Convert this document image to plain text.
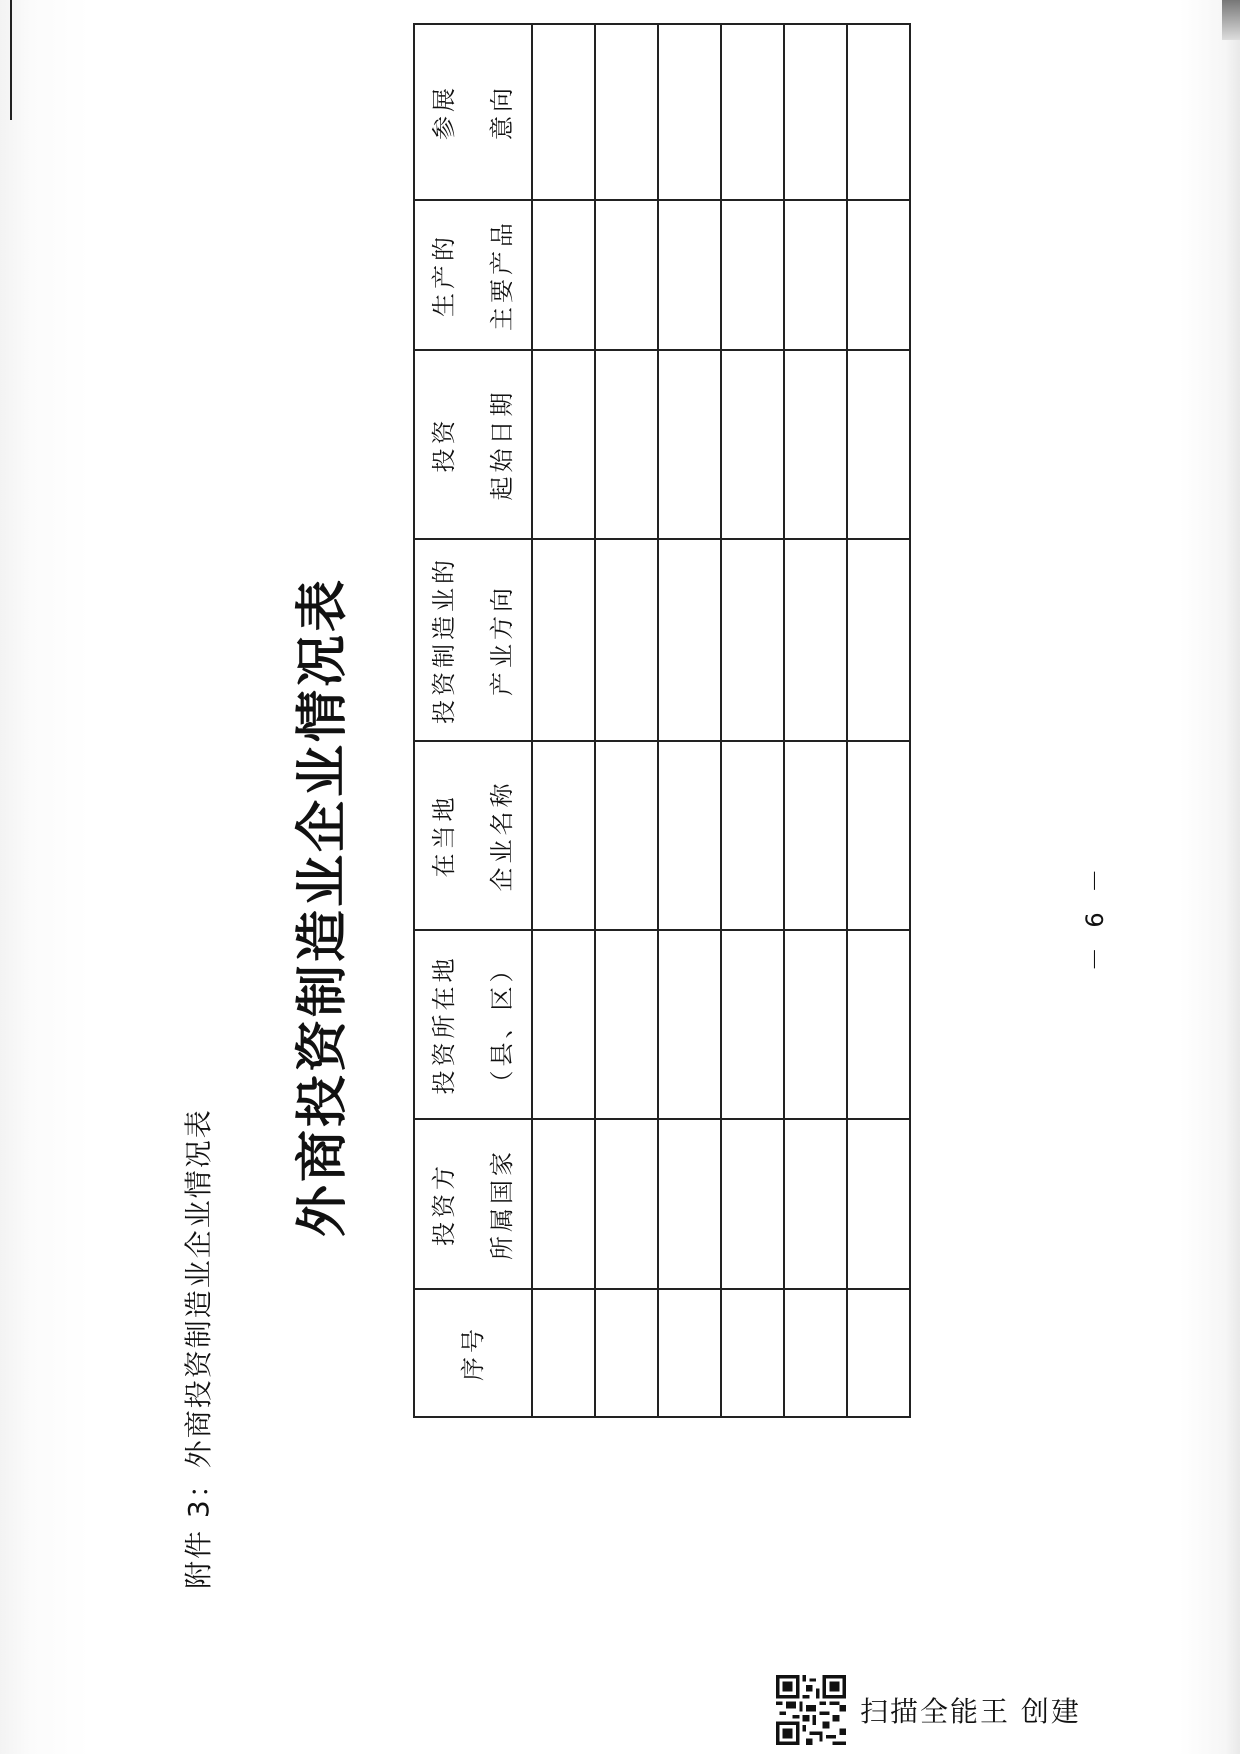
附件 3：外商投资制造业企业情况表
外商投资制造业企业情况表
序号	投资方 所属国家	投资所在地 （县、区）	在当地 企业名称	投资制造业的 产业方向	投资 起始日期	生产的 主要产品	参展 意向

－ 6 －
扫描全能王 创建
